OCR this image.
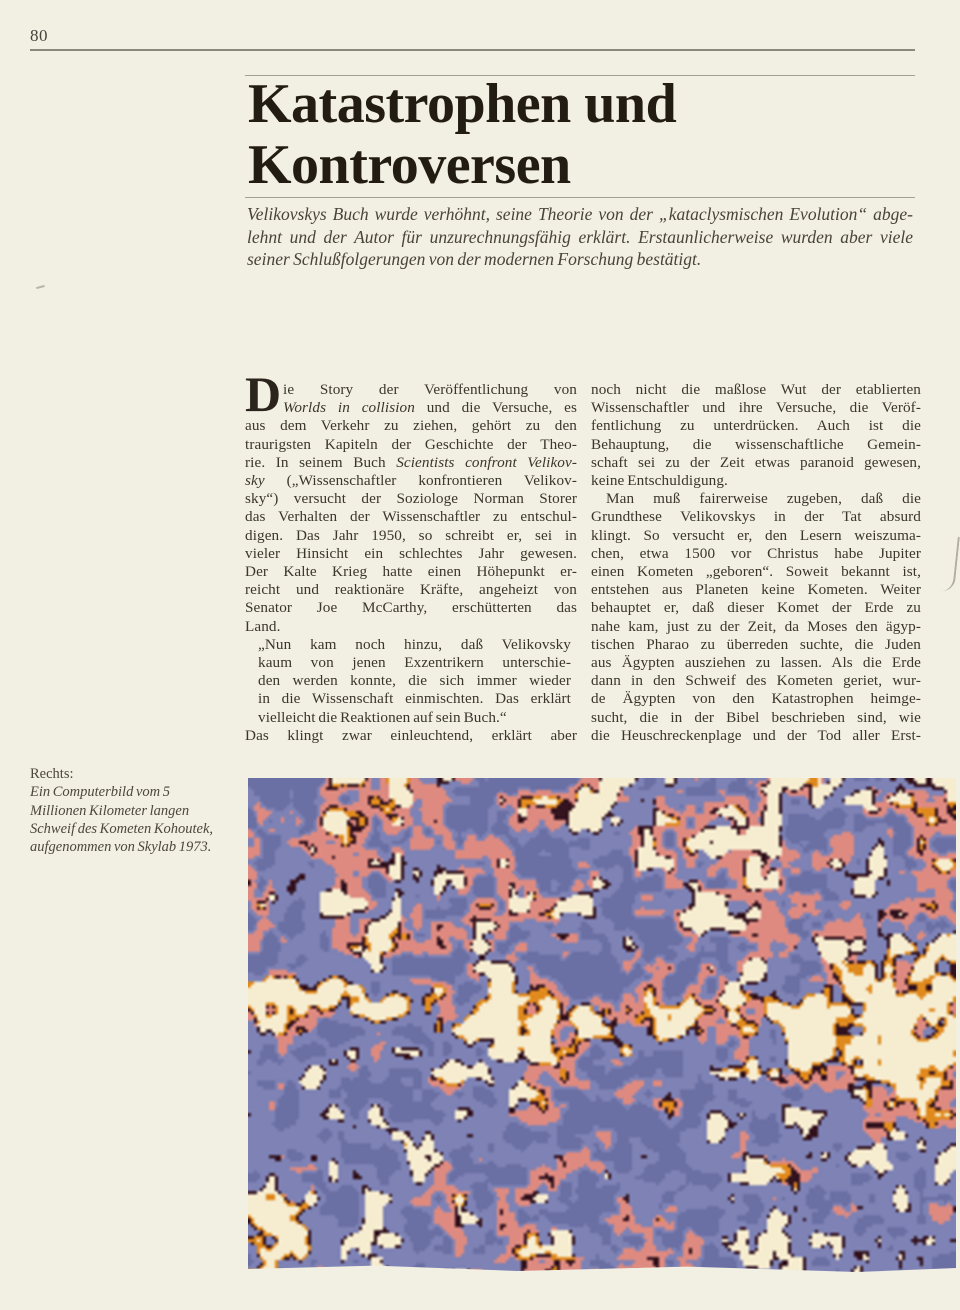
80
Katastrophen und
Kontroversen
Velikovskys Buch wurde verhöhnt, seine Theorie von der „kataclysmischen Evolution“ abge-
lehnt und der Autor für unzurechnungsfähig erklärt. Erstaunlicherweise wurden aber viele
seiner Schlußfolgerungen von der modernen Forschung bestätigt.
D ie Story der Veröffentlichung von
Worlds in collision und die Versuche, es
aus dem Verkehr zu ziehen, gehört zu den
traurigsten Kapiteln der Geschichte der Theo-
rie. In seinem Buch Scientists confront Velikov-
sky („Wissenschaftler konfrontieren Velikov-
sky“) versucht der Soziologe Norman Storer
das Verhalten der Wissenschaftler zu entschul-
digen. Das Jahr 1950, so schreibt er, sei in
vieler Hinsicht ein schlechtes Jahr gewesen.
Der Kalte Krieg hatte einen Höhepunkt er-
reicht und reaktionäre Kräfte, angeheizt von
Senator Joe McCarthy, erschütterten das
Land.
„Nun kam noch hinzu, daß Velikovsky
kaum von jenen Exzentrikern unterschie-
den werden konnte, die sich immer wieder
in die Wissenschaft einmischten. Das erklärt
vielleicht die Reaktionen auf sein Buch.“
Das klingt zwar einleuchtend, erklärt aber
noch nicht die maßlose Wut der etablierten
Wissenschaftler und ihre Versuche, die Veröf-
fentlichung zu unterdrücken. Auch ist die
Behauptung, die wissenschaftliche Gemein-
schaft sei zu der Zeit etwas paranoid gewesen,
keine Entschuldigung.
Man muß fairerweise zugeben, daß die
Grundthese Velikovskys in der Tat absurd
klingt. So versucht er, den Lesern weiszuma-
chen, etwa 1500 vor Christus habe Jupiter
einen Kometen „geboren“. Soweit bekannt ist,
entstehen aus Planeten keine Kometen. Weiter
behauptet er, daß dieser Komet der Erde zu
nahe kam, just zu der Zeit, da Moses den ägyp-
tischen Pharao zu überreden suchte, die Juden
aus Ägypten ausziehen zu lassen. Als die Erde
dann in den Schweif des Kometen geriet, wur-
de Ägypten von den Katastrophen heimge-
sucht, die in der Bibel beschrieben sind, wie
die Heuschreckenplage und der Tod aller Erst-
Rechts:
Ein Computerbild vom 5
Millionen Kilometer langen
Schweif des Kometen Kohoutek,
aufgenommen von Skylab 1973.
